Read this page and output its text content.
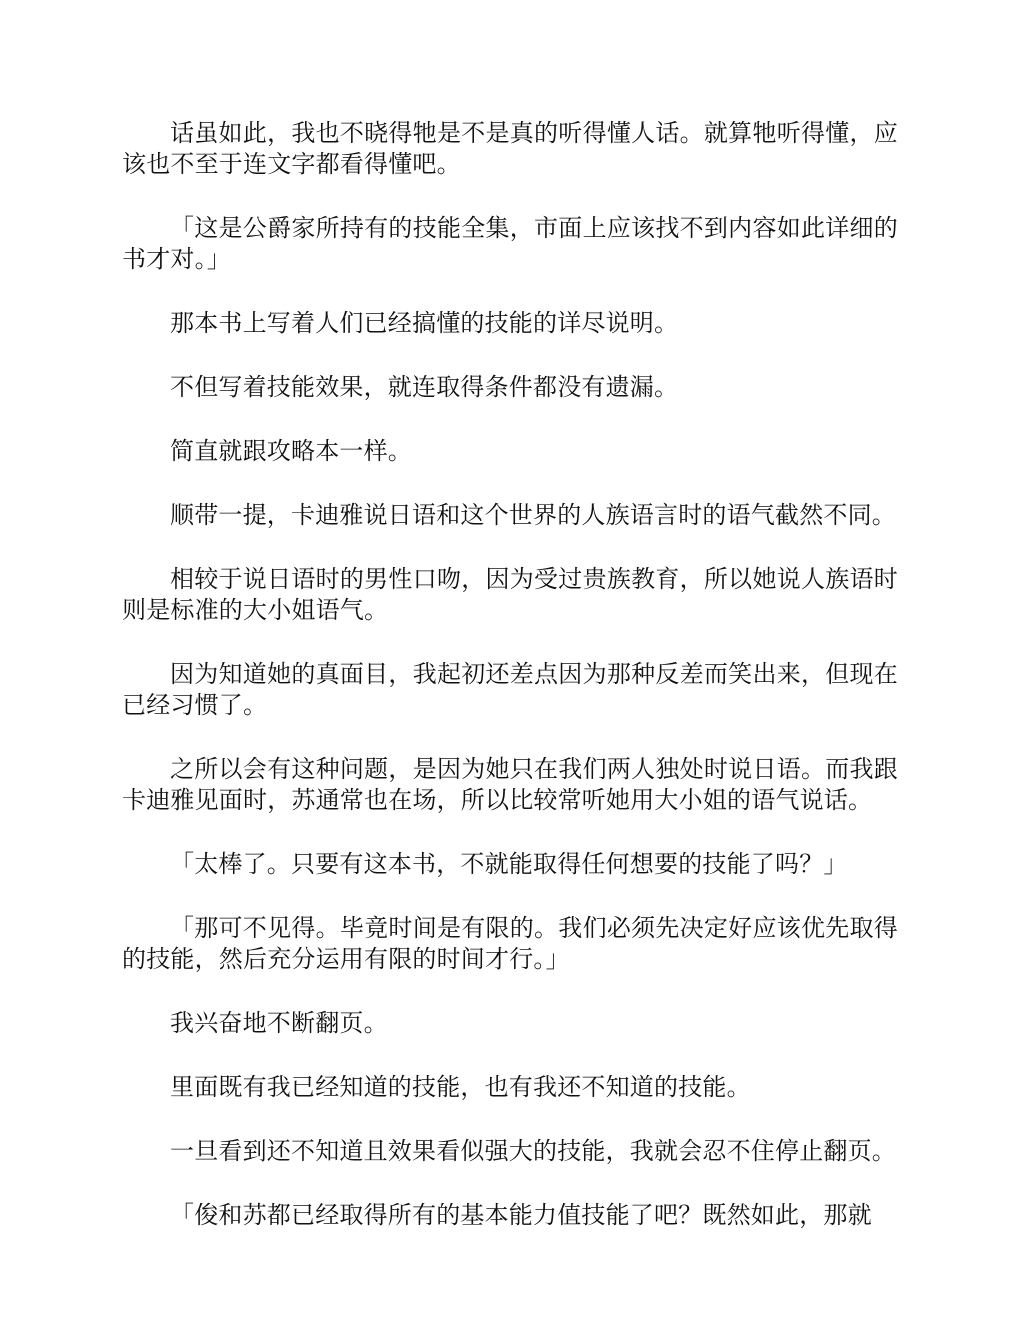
话虽如此，我也不晓得牠是不是真的听得懂人话。就算牠听得懂，应该也不至于连文字都看得懂吧。

「这是公爵家所持有的技能全集，市面上应该找不到内容如此详细的书才对。」

那本书上写着人们已经搞懂的技能的详尽说明。

不但写着技能效果，就连取得条件都没有遗漏。

简直就跟攻略本一样。

顺带一提，卡迪雅说日语和这个世界的人族语言时的语气截然不同。

相较于说日语时的男性口吻，因为受过贵族教育，所以她说人族语时则是标准的大小姐语气。

因为知道她的真面目，我起初还差点因为那种反差而笑出来，但现在已经习惯了。

之所以会有这种问题，是因为她只在我们两人独处时说日语。而我跟卡迪雅见面时，苏通常也在场，所以比较常听她用大小姐的语气说话。

「太棒了。只要有这本书，不就能取得任何想要的技能了吗？」

「那可不见得。毕竟时间是有限的。我们必须先决定好应该优先取得的技能，然后充分运用有限的时间才行。」

我兴奋地不断翻页。

里面既有我已经知道的技能，也有我还不知道的技能。

一旦看到还不知道且效果看似强大的技能，我就会忍不住停止翻页。

「俊和苏都已经取得所有的基本能力值技能了吧？既然如此，那就
